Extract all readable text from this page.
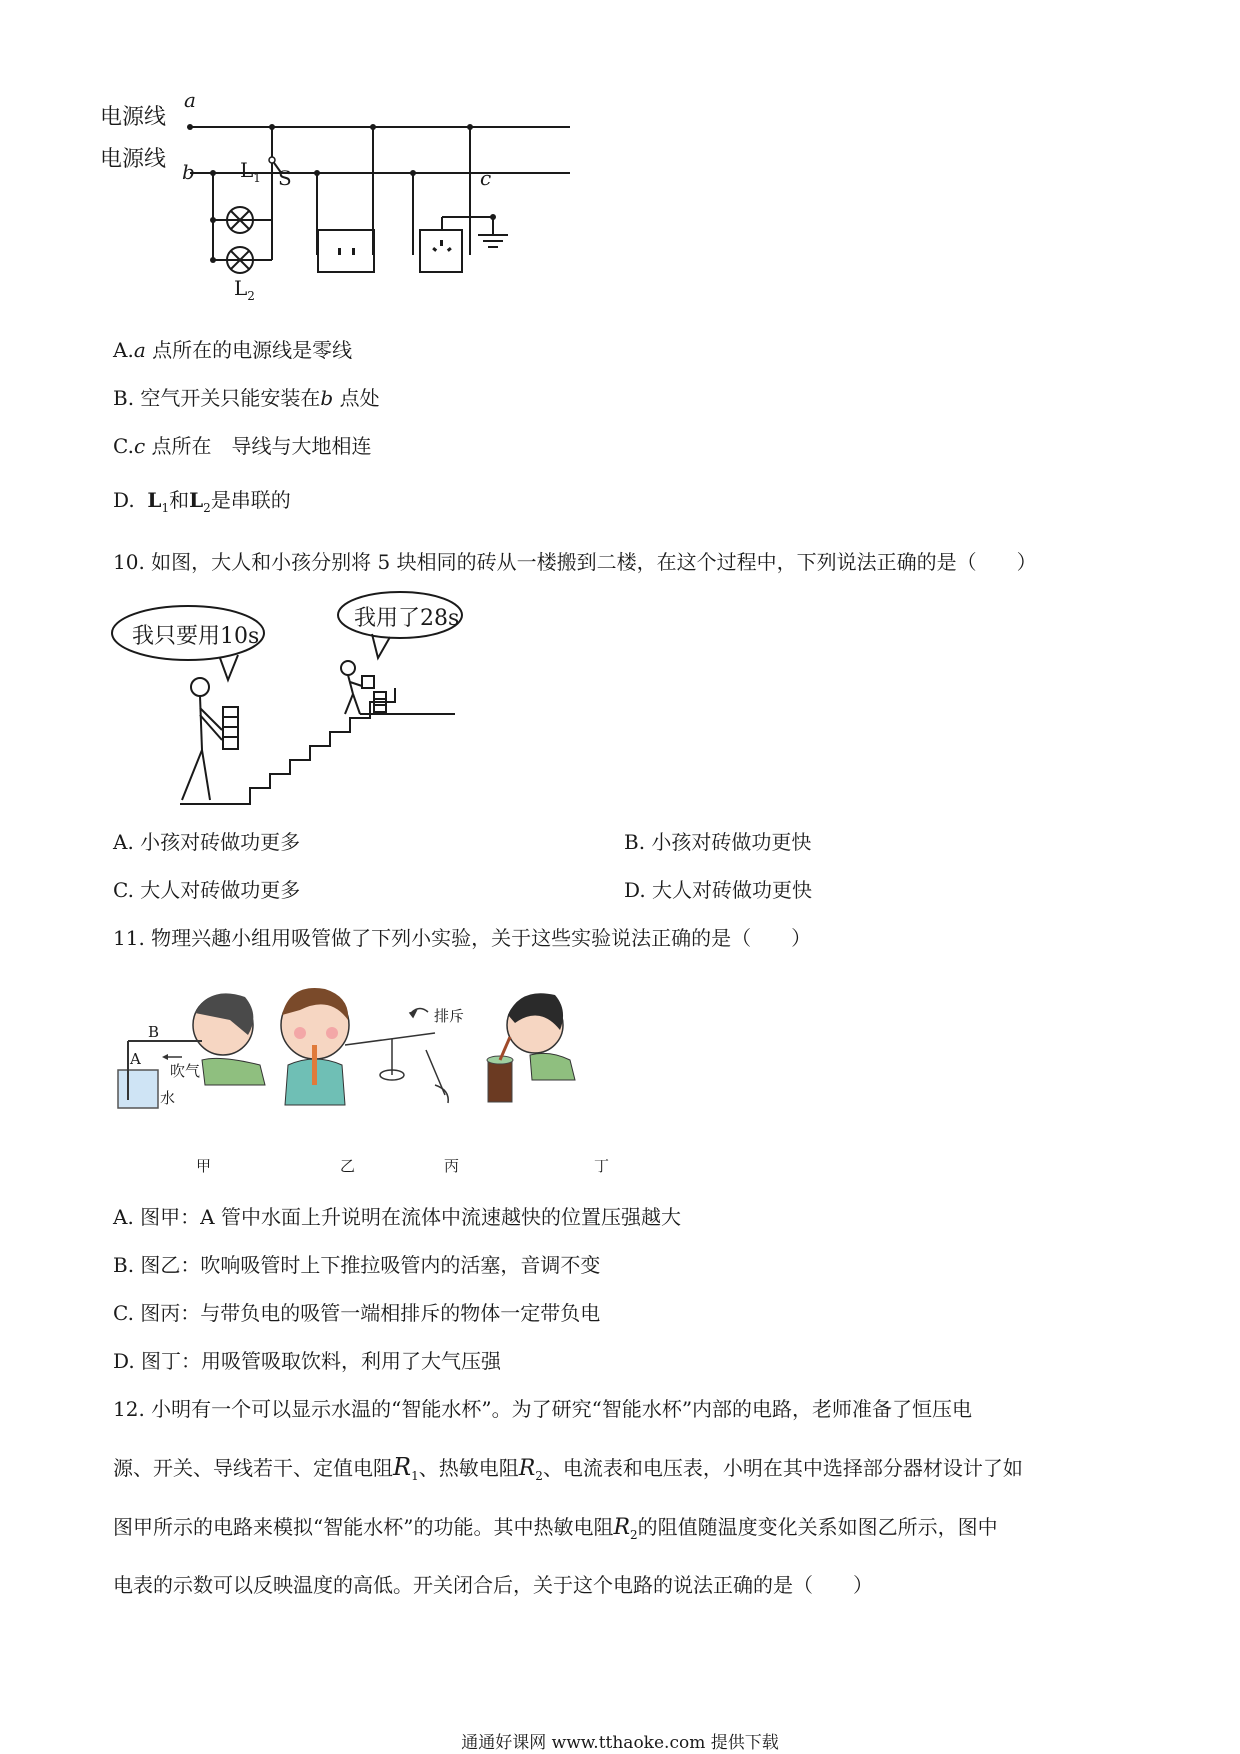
电源线
电源线
a
b	c
$L_1$ S
$L_2$
A.a 点所在的电源线是零线
B. 空气开关只能安装在b 点处
C.c 点所在　 导线与大地相连
D. $L_1$和$L_2$是串联的
10. 如图，大人和小孩分别将 5 块相同的砖从一楼搬到二楼，在这个过程中，下列说法正确的是（　　）
我只要用10s
我用了28s
A. 小孩对砖做功更多	B. 小孩对砖做功更快
C. 大人对砖做功更多	D. 大人对砖做功更快
11. 物理兴趣小组用吸管做了下列小实验，关于这些实验说法正确的是（　　）
B
A
吹气
水
排斥
甲	乙	丙	丁
A. 图甲：A 管中水面上升说明在流体中流速越快的位置压强越大
B. 图乙：吹响吸管时上下推拉吸管内的活塞，音调不变
C. 图丙：与带负电的吸管一端相排斥的物体一定带负电
D. 图丁：用吸管吸取饮料，利用了大气压强
12. 小明有一个可以显示水温的“智能水杯”。为了研究“智能水杯”内部的电路，老师准备了恒压电
源、开关、导线若干、定值电阻$R_1$、热敏电阻$R_2$、电流表和电压表，小明在其中选择部分器材设计了如
图甲所示的电路来模拟“智能水杯”的功能。其中热敏电阻$R_2$的阻值随温度变化关系如图乙所示，图中
电表的示数可以反映温度的高低。开关闭合后，关于这个电路的说法正确的是（　　）
通通好课网 www.tthaoke.com 提供下载
